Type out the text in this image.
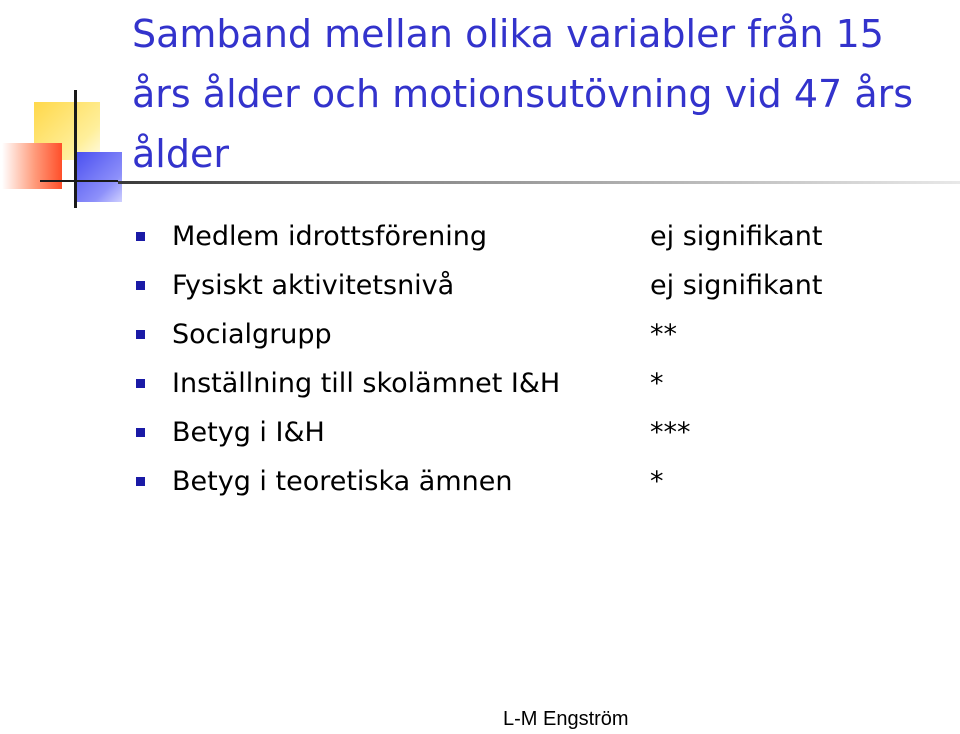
Samband mellan olika variabler från 15 års ålder och motionsutövning vid 47 års ålder
Medlem idrottsförening	ej signifikant
Fysiskt aktivitetsnivå	ej signifikant
Socialgrupp	**
Inställning till skolämnet I&H	*
Betyg i I&H	***
Betyg i teoretiska ämnen	*
L-M Engström
